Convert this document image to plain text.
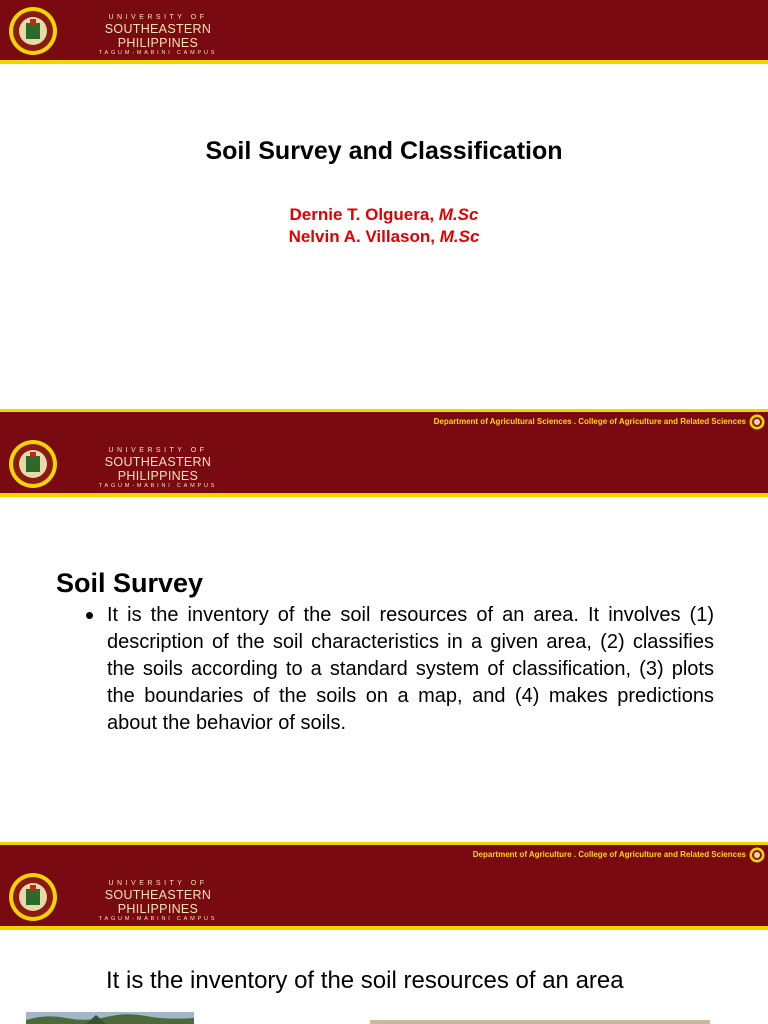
UNIVERSITY OF
SOUTHEASTERN PHILIPPINES
TAGUM-MABINI CAMPUS
Soil Survey and Classification
Dernie T. Olguera, M.Sc
Nelvin A. Villason, M.Sc
Department of Agricultural Sciences . College of Agriculture and Related Sciences
UNIVERSITY OF
SOUTHEASTERN PHILIPPINES
TAGUM-MABINI CAMPUS
Soil Survey
It is the inventory of the soil resources of an area. It involves (1) description of the soil characteristics in a given area, (2) classifies the soils according to a standard system of classification, (3) plots the boundaries of the soils on a map, and (4) makes predictions about the behavior of soils.
Department of Agriculture . College of Agriculture and Related Sciences
UNIVERSITY OF
SOUTHEASTERN PHILIPPINES
TAGUM-MABINI CAMPUS
It is the inventory of the soil resources of an area
